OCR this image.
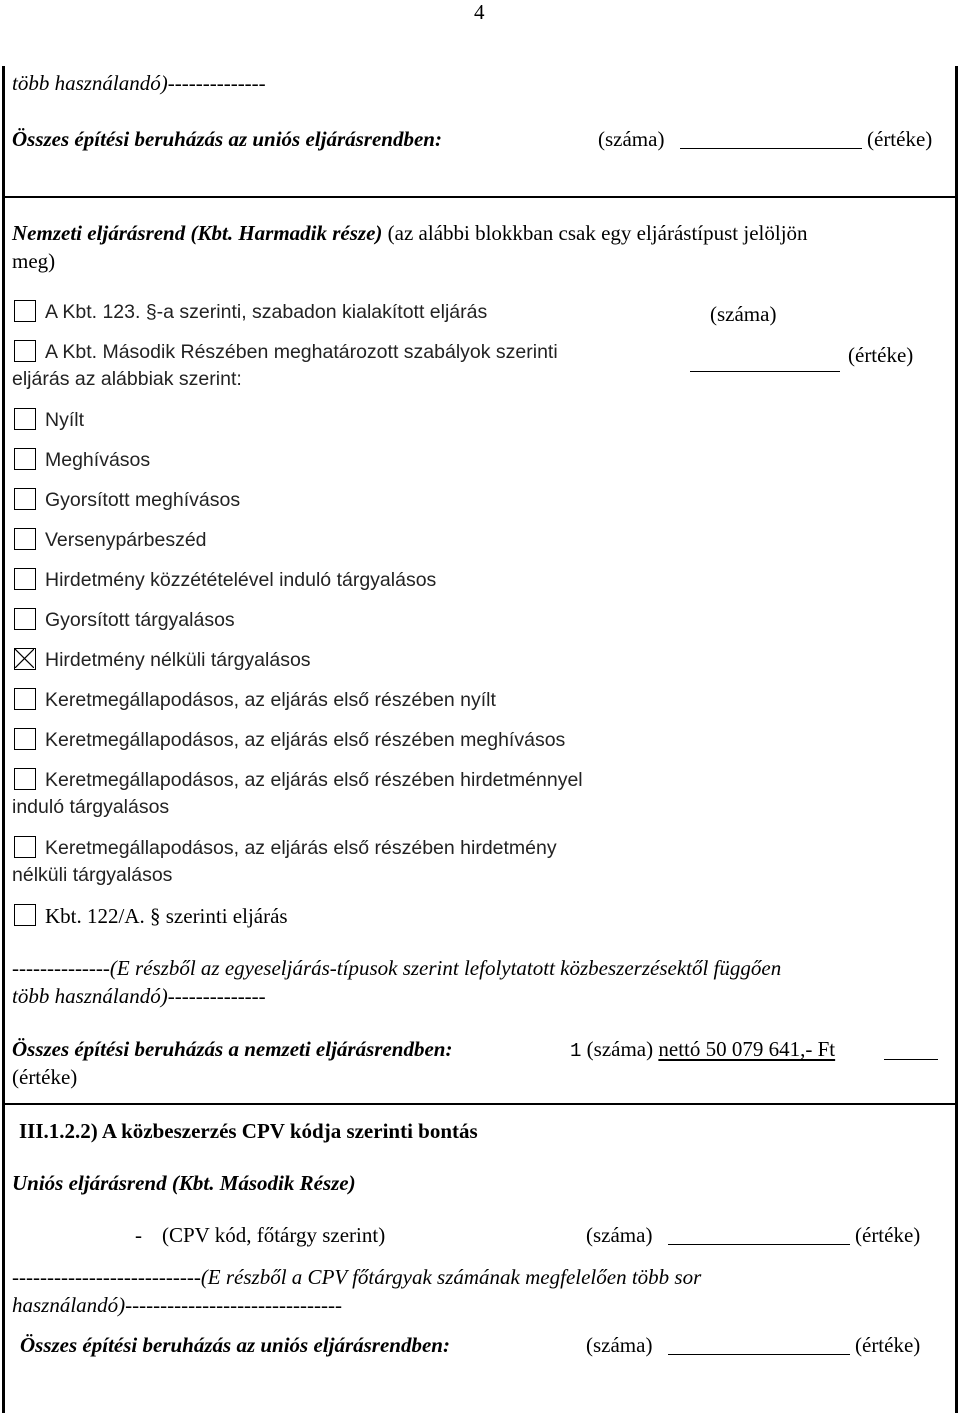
4
több használandó)--------------
Összes építési beruházás az uniós eljárásrendben:	(száma)	(értéke)
Nemzeti eljárásrend (Kbt. Harmadik része) (az alábbi blokkban csak egy eljárástípust jelöljön
meg)
(száma)
(értéke)
A Kbt. 123. §-a szerinti, szabadon kialakított eljárás
A Kbt. Második Részében meghatározott szabályok szerinti
eljárás az alábbiak szerint:
Nyílt
Meghívásos
Gyorsított meghívásos
Versenypárbeszéd
Hirdetmény közzétételével induló tárgyalásos
Gyorsított tárgyalásos
Hirdetmény nélküli tárgyalásos
Keretmegállapodásos, az eljárás első részében nyílt
Keretmegállapodásos, az eljárás első részében meghívásos
Keretmegállapodásos, az eljárás első részében hirdetménnyel
induló tárgyalásos
Keretmegállapodásos, az eljárás első részében hirdetmény
nélküli tárgyalásos
Kbt. 122/A. § szerinti eljárás
--------------(E részből az egyeseljárás-típusok szerint lefolytatott közbeszerzésektől függően
több használandó)--------------
Összes építési beruházás a nemzeti eljárásrendben:	1 (száma) nettó 50 079 641,- Ft
(értéke)
III.1.2.2) A közbeszerzés CPV kódja szerinti bontás
Uniós eljárásrend (Kbt. Második Része)
- (CPV kód, főtárgy szerint)	(száma)	(értéke)
---------------------------(E részből a CPV főtárgyak számának megfelelően több sor
használandó)-------------------------------
Összes építési beruházás az uniós eljárásrendben:	(száma)	(értéke)
